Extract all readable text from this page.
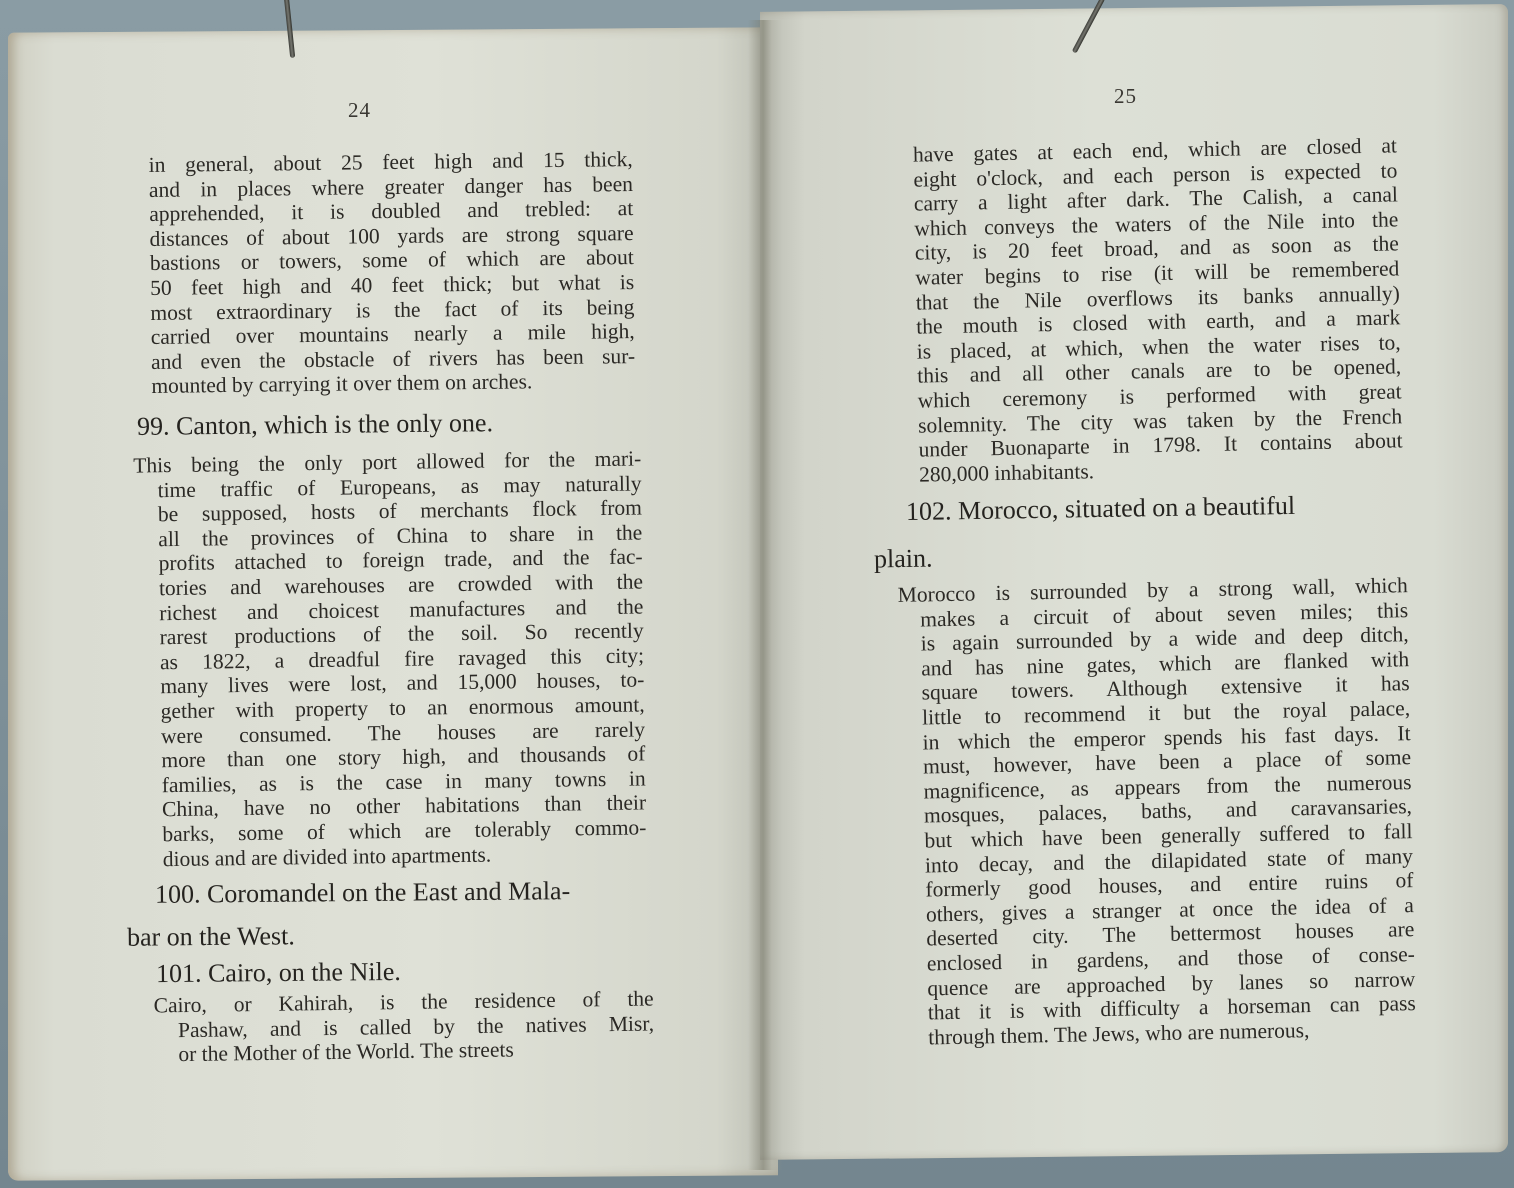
24
in general, about 25 feet high and 15 thick,
and in places where greater danger has been
apprehended, it is doubled and trebled: at
distances of about 100 yards are strong square
bastions or towers, some of which are about
50 feet high and 40 feet thick; but what is
most extraordinary is the fact of its being
carried over mountains nearly a mile high,
and even the obstacle of rivers has been sur-
mounted by carrying it over them on arches.
99. Canton, which is the only one.
This being the only port allowed for the mari-
time traffic of Europeans, as may naturally
be supposed, hosts of merchants flock from
all the provinces of China to share in the
profits attached to foreign trade, and the fac-
tories and warehouses are crowded with the
richest and choicest manufactures and the
rarest productions of the soil. So recently
as 1822, a dreadful fire ravaged this city;
many lives were lost, and 15,000 houses, to-
gether with property to an enormous amount,
were consumed. The houses are rarely
more than one story high, and thousands of
families, as is the case in many towns in
China, have no other habitations than their
barks, some of which are tolerably commo-
dious and are divided into apartments.
100. Coromandel on the East and Mala-
bar on the West.
101. Cairo, on the Nile.
Cairo, or Kahirah, is the residence of the
Pashaw, and is called by the natives Misr,
or the Mother of the World. The streets
25
have gates at each end, which are closed at
eight o'clock, and each person is expected to
carry a light after dark. The Calish, a canal
which conveys the waters of the Nile into the
city, is 20 feet broad, and as soon as the
water begins to rise (it will be remembered
that the Nile overflows its banks annually)
the mouth is closed with earth, and a mark
is placed, at which, when the water rises to,
this and all other canals are to be opened,
which ceremony is performed with great
solemnity. The city was taken by the French
under Buonaparte in 1798. It contains about
280,000 inhabitants.
102. Morocco, situated on a beautiful
plain.
Morocco is surrounded by a strong wall, which
makes a circuit of about seven miles; this
is again surrounded by a wide and deep ditch,
and has nine gates, which are flanked with
square towers. Although extensive it has
little to recommend it but the royal palace,
in which the emperor spends his fast days. It
must, however, have been a place of some
magnificence, as appears from the numerous
mosques, palaces, baths, and caravansaries,
but which have been generally suffered to fall
into decay, and the dilapidated state of many
formerly good houses, and entire ruins of
others, gives a stranger at once the idea of a
deserted city. The bettermost houses are
enclosed in gardens, and those of conse-
quence are approached by lanes so narrow
that it is with difficulty a horseman can pass
through them. The Jews, who are numerous,
